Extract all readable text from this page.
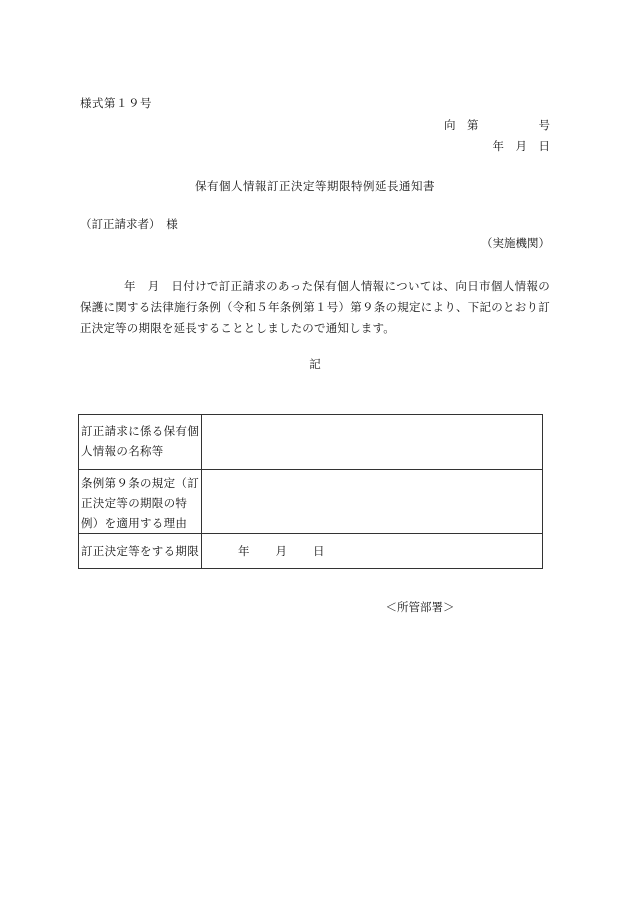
様式第１９号
向　第	号
年　月　日
保有個人情報訂正決定等期限特例延長通知書
（訂正請求者）　様
（実施機関）
年　月　日付けで訂正請求のあった保有個人情報については、向日市個人情報の保護に関する法律施行条例（令和５年条例第１号）第９条の規定により、下記のとおり訂正決定等の期限を延長することとしましたので通知します。
記
訂正請求に係る保有個人情報の名称等	
条例第９条の規定（訂正決定等の期限の特例）を適用する理由	
訂正決定等をする期限	年 月 日
＜所管部署＞
